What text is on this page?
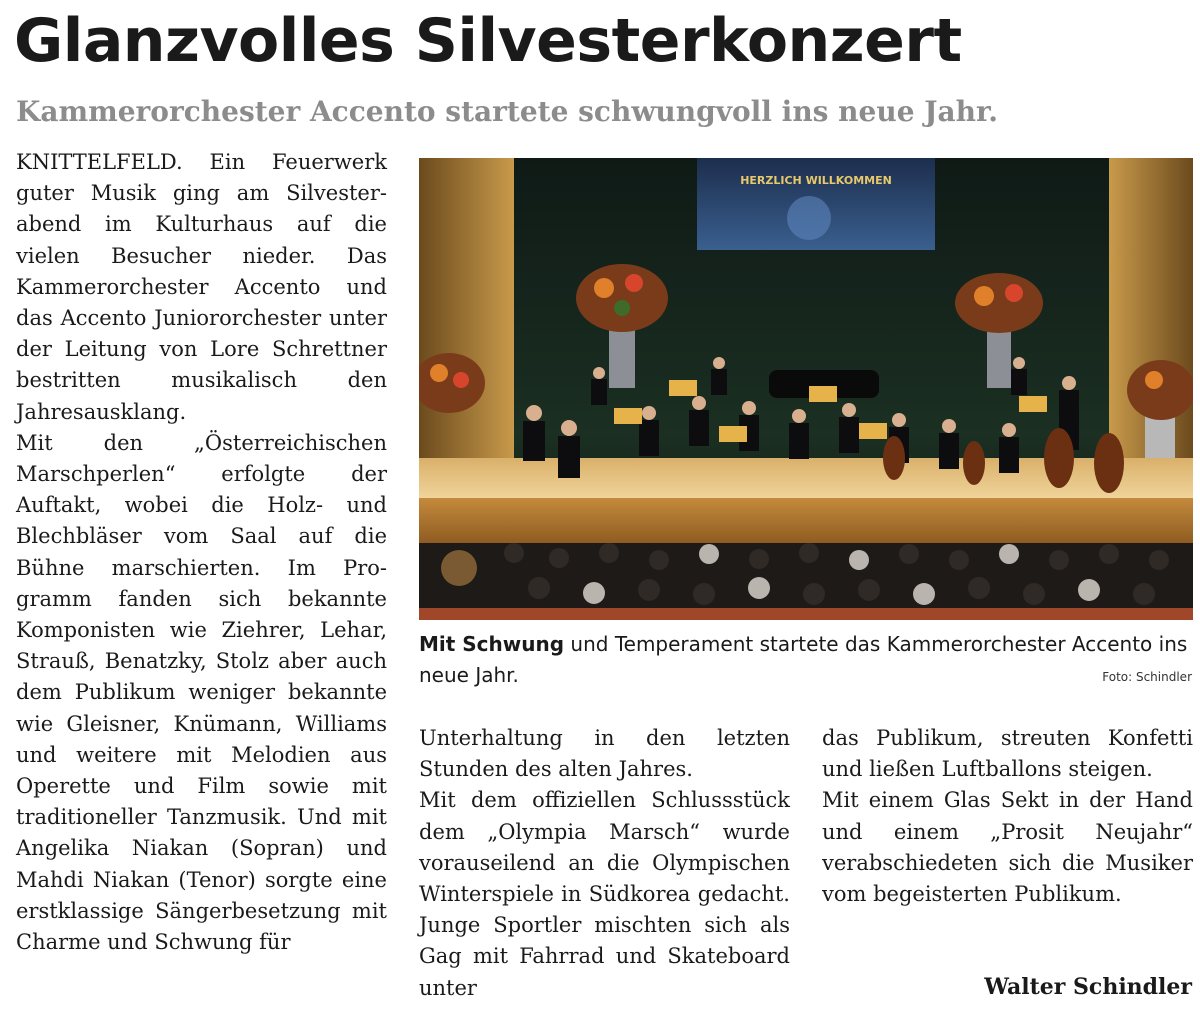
Glanzvolles Silvesterkonzert
Kammerorchester Accento startete schwungvoll ins neue Jahr.

KNITTELFELD. Ein Feuerwerk guter Musik ging am Silvesterabend im Kulturhaus auf die vielen Besucher nieder. Das Kammerorchester Accento und das Accento Juniororchester unter der Leitung von Lore Schrettner bestritten musikalisch den Jahresausklang.

Mit den „Österreichischen Marschperlen“ erfolgte der Auftakt, wobei die Holz- und Blechbläser vom Saal auf die Bühne marschierten. Im Programm fanden sich bekannte Komponisten wie Ziehrer, Lehar, Strauß, Benatzky, Stolz aber auch dem Publikum weniger bekannte wie Gleisner, Knümann, Williams und weitere mit Melodien aus Operette und Film sowie mit traditioneller Tanzmusik. Und mit Angelika Niakan (Sopran) und Mahdi Niakan (Tenor) sorgte eine erstklassige Sängerbesetzung mit Charme und Schwung für

HERZLICH WILLKOMMEN
Mit Schwung und Temperament startete das Kammerorchester Accento ins neue Jahr.	Foto: Schindler

Unterhaltung in den letzten Stunden des alten Jahres.

Mit dem offiziellen Schlussstück dem „Olympia Marsch“ wurde vorauseilend an die Olympischen Winterspiele in Südkorea gedacht. Junge Sportler mischten sich als Gag mit Fahrrad und Skateboard unter

das Publikum, streuten Konfetti und ließen Luftballons steigen.

Mit einem Glas Sekt in der Hand und einem „Prosit Neujahr“ verabschiedeten sich die Musiker vom begeisterten Publikum.

Walter Schindler
